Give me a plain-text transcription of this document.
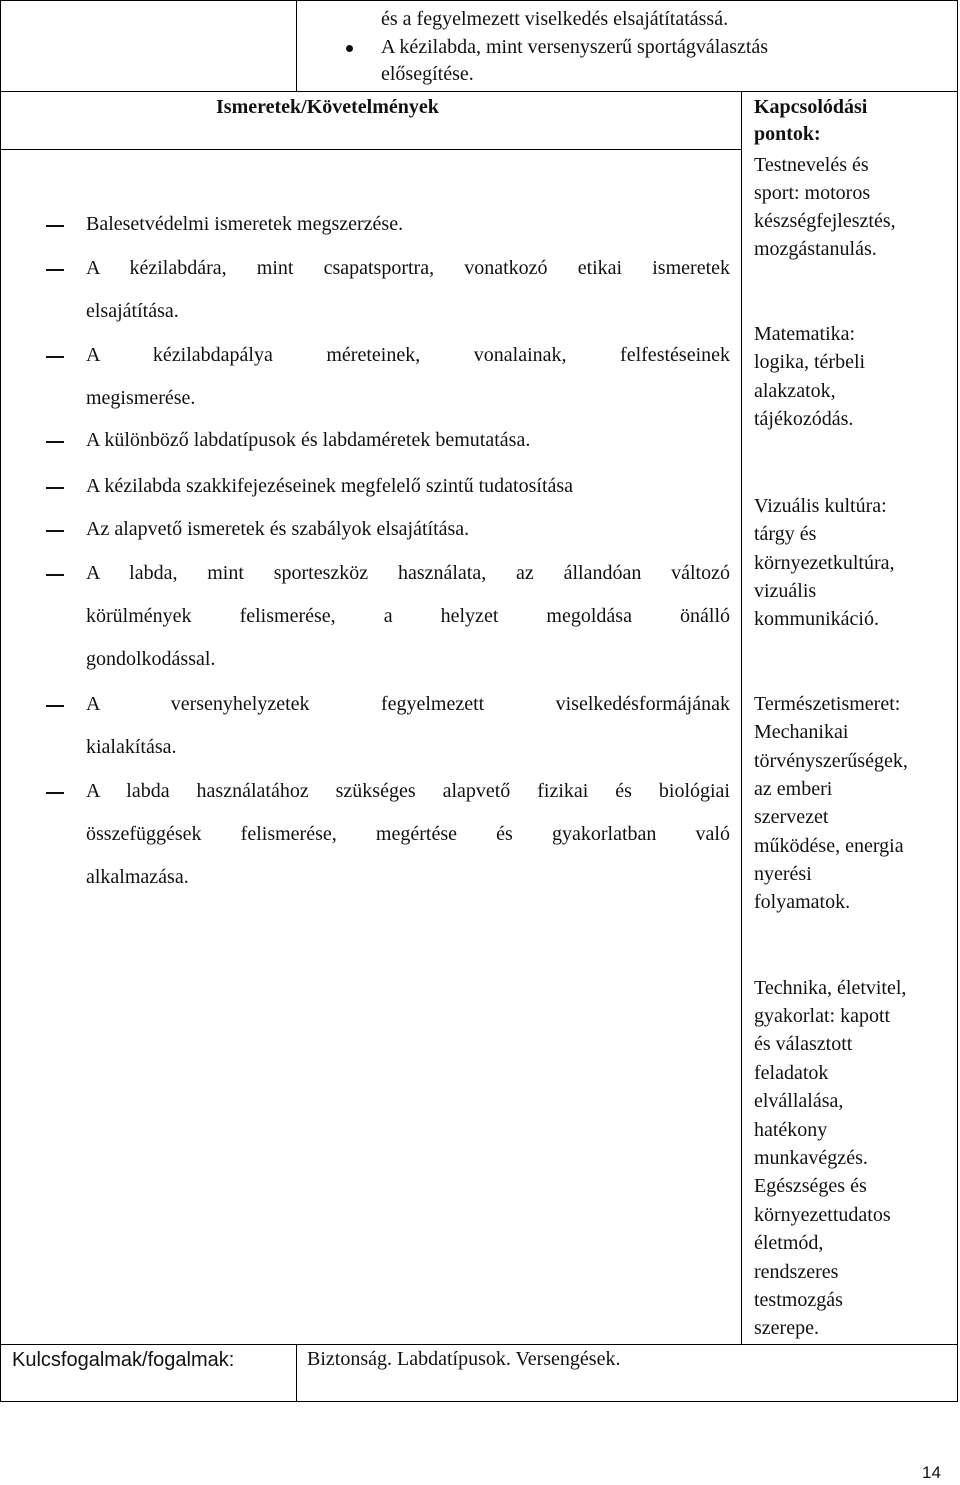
és a fegyelmezett viselkedés elsajátítatássá.
A kézilabda, mint versenyszerű sportágválasztás
elősegítése.
Ismeretek/Követelmények	Kapcsolódási
pontok:
Balesetvédelmi ismeretek megszerzése.
A kézilabdára, mint csapatsportra, vonatkozó etikai ismeretek
elsajátítása.
A kézilabdapálya méreteinek, vonalainak, felfestéseinek
megismerése.
A különböző labdatípusok és labdaméretek bemutatása.
A kézilabda szakkifejezéseinek megfelelő szintű tudatosítása
Az alapvető ismeretek és szabályok elsajátítása.
A labda, mint sporteszköz használata, az állandóan változó
körülmények felismerése, a helyzet megoldása önálló
gondolkodással.
A versenyhelyzetek fegyelmezett viselkedésformájának
kialakítása.
A labda használatához szükséges alapvető fizikai és biológiai
összefüggések felismerése, megértése és gyakorlatban való
alkalmazása.
Testnevelés és
sport: motoros
készségfejlesztés,
mozgástanulás.
Matematika:
logika, térbeli
alakzatok,
tájékozódás.
Vizuális kultúra:
tárgy és
környezetkultúra,
vizuális
kommunikáció.
Természetismeret:
Mechanikai
törvényszerűségek,
az emberi
szervezet
működése, energia
nyerési
folyamatok.
Technika, életvitel,
gyakorlat: kapott
és választott
feladatok
elvállalása,
hatékony
munkavégzés.
Egészséges és
környezettudatos
életmód,
rendszeres
testmozgás
szerepe.
Kulcsfogalmak/fogalmak:	Biztonság. Labdatípusok. Versengések.
14
